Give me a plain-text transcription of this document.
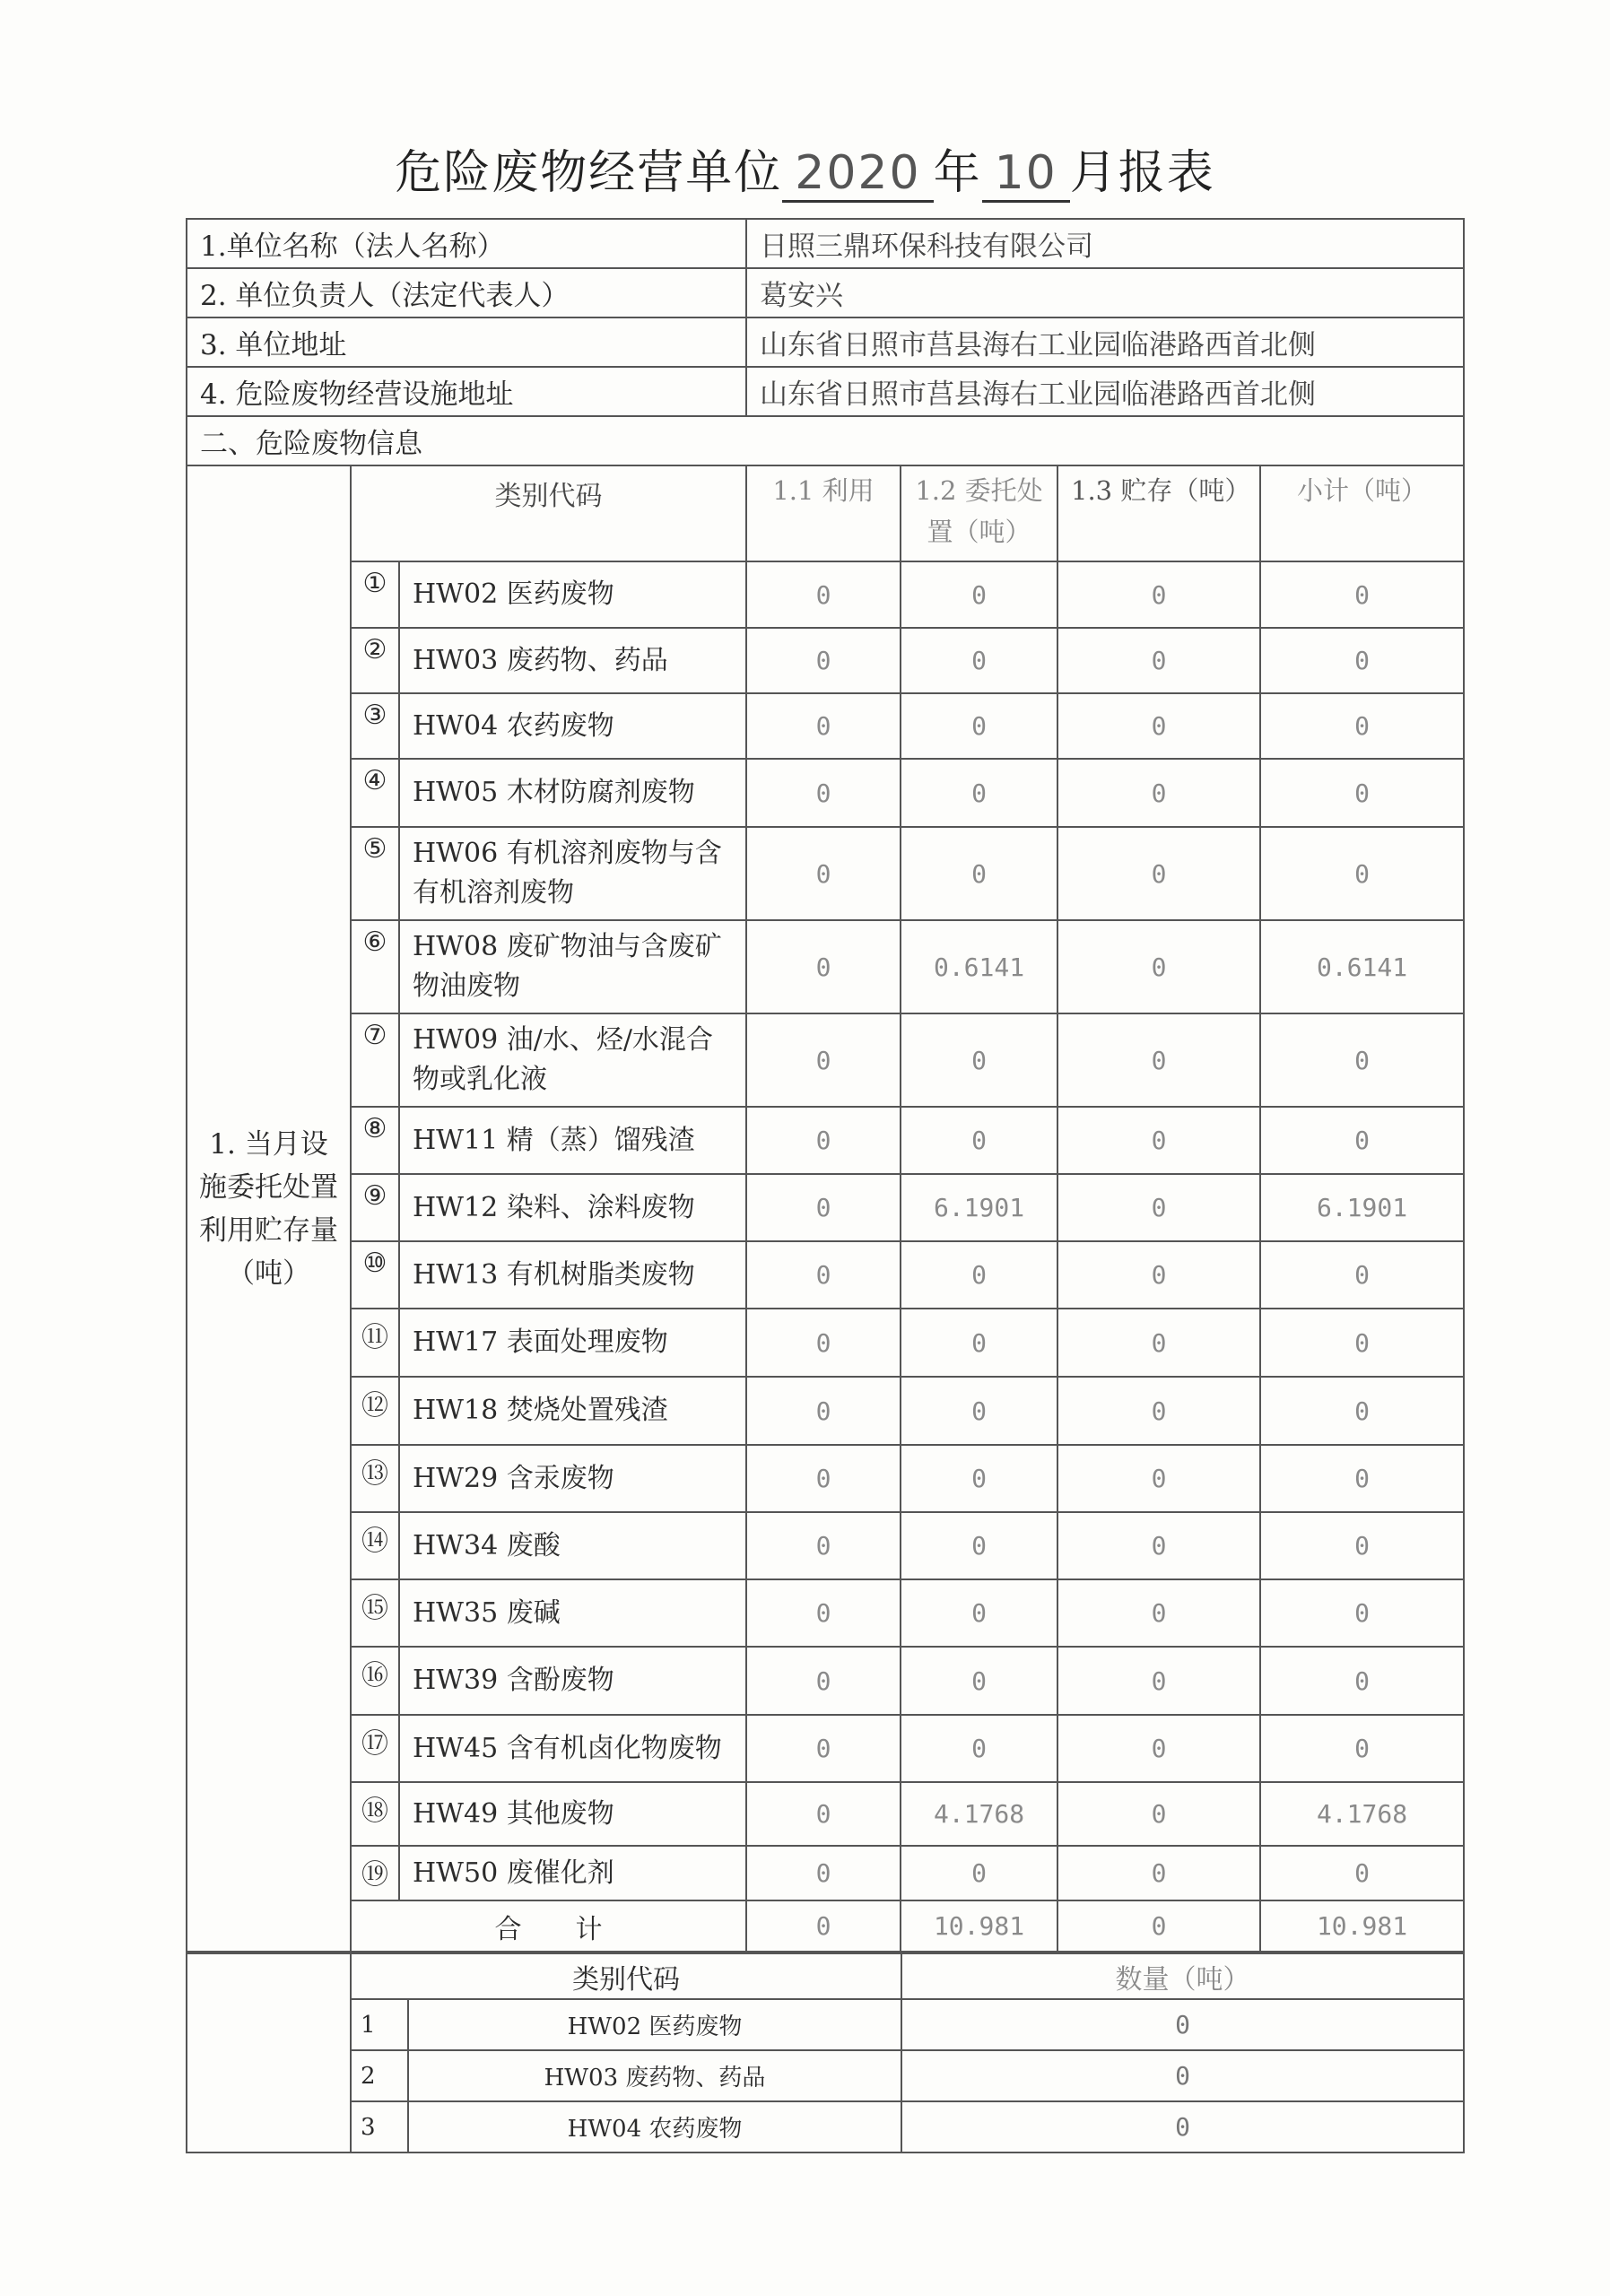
危险废物经营单位 2020 年 10 月报表
1.单位名称（法人名称）			日照三鼎环保科技有限公司			
2. 单位负责人（法定代表人）			葛安兴			
3. 单位地址			山东省日照市莒县海右工业园临港路西首北侧			
4. 危险废物经营设施地址			山东省日照市莒县海右工业园临港路西首北侧			
二、危险废物信息						
1. 当月设施委托处置利用贮存量（吨）	类别代码		1.1 利用	1.2 委托处置（吨）	1.3 贮存（吨）	小计（吨）
	①	HW02 医药废物	0	0	0	0
	②	HW03 废药物、药品	0	0	0	0
	③	HW04 农药废物	0	0	0	0
	④	HW05 木材防腐剂废物	0	0	0	0
	⑤	HW06 有机溶剂废物与含有机溶剂废物	0	0	0	0
	⑥	HW08 废矿物油与含废矿物油废物	0	0.6141	0	0.6141
	⑦	HW09 油/水、烃/水混合物或乳化液	0	0	0	0
	⑧	HW11 精（蒸）馏残渣	0	0	0	0
	⑨	HW12 染料、涂料废物	0	6.1901	0	6.1901
	⑩	HW13 有机树脂类废物	0	0	0	0
	⑪	HW17 表面处理废物	0	0	0	0
	⑫	HW18 焚烧处置残渣	0	0	0	0
	⑬	HW29 含汞废物	0	0	0	0
	⑭	HW34 废酸	0	0	0	0
	⑮	HW35 废碱	0	0	0	0
	⑯	HW39 含酚废物	0	0	0	0
	⑰	HW45 含有机卤化物废物	0	0	0	0
	⑱	HW49 其他废物	0	4.1768	0	4.1768
	⑲	HW50 废催化剂	0	0	0	0
	合　　计		0	10.981	0	10.981
	类别代码		数量（吨）
	1	HW02 医药废物	0
	2	HW03 废药物、药品	0
	3	HW04 农药废物	0
